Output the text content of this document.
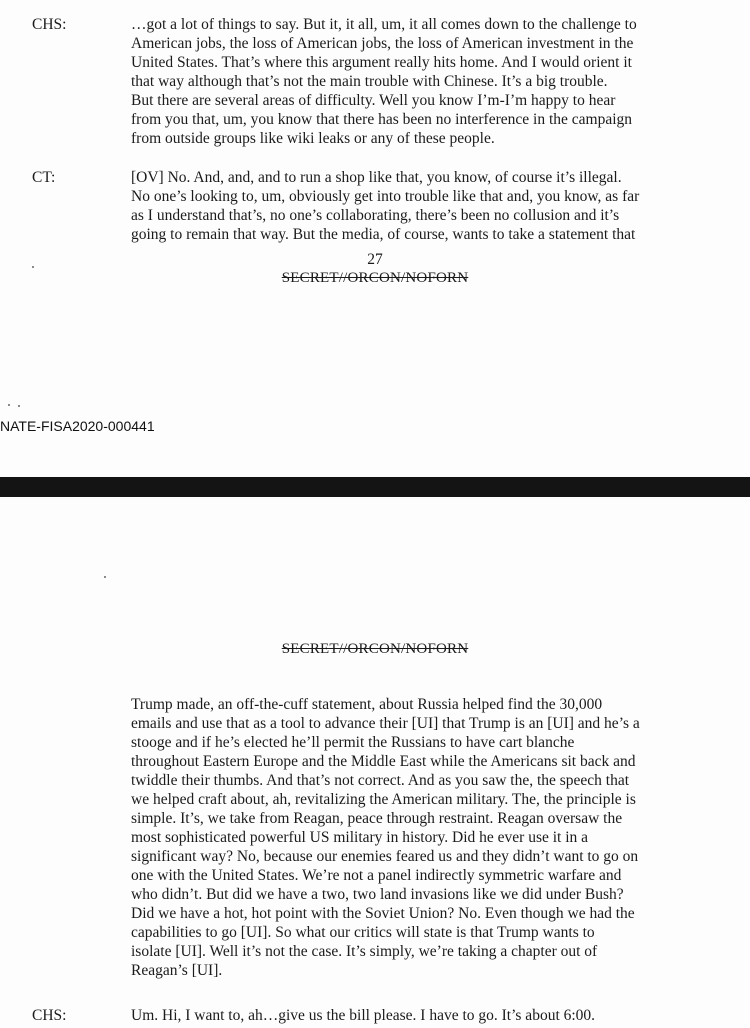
CHS:	…got a lot of things to say. But it, it all, um, it all comes down to the challenge to
American jobs, the loss of American jobs, the loss of American investment in the
United States. That’s where this argument really hits home. And I would orient it
that way although that’s not the main trouble with Chinese. It’s a big trouble.
But there are several areas of difficulty. Well you know I’m-I’m happy to hear
from you that, um, you know that there has been no interference in the campaign
from outside groups like wiki leaks or any of these people.
CT:	[OV] No. And, and, and to run a shop like that, you know, of course it’s illegal.
No one’s looking to, um, obviously get into trouble like that and, you know, as far
as I understand that’s, no one’s collaborating, there’s been no collusion and it’s
going to remain that way. But the media, of course, wants to take a statement that
27
SECRET//ORCON/NOFORN
NATE-FISA2020-000441
SECRET//ORCON/NOFORN
Trump made, an off-the-cuff statement, about Russia helped find the 30,000
emails and use that as a tool to advance their [UI] that Trump is an [UI] and he’s a
stooge and if he’s elected he’ll permit the Russians to have cart blanche
throughout Eastern Europe and the Middle East while the Americans sit back and
twiddle their thumbs. And that’s not correct. And as you saw the, the speech that
we helped craft about, ah, revitalizing the American military. The, the principle is
simple. It’s, we take from Reagan, peace through restraint. Reagan oversaw the
most sophisticated powerful US military in history. Did he ever use it in a
significant way? No, because our enemies feared us and they didn’t want to go on
one with the United States. We’re not a panel indirectly symmetric warfare and
who didn’t. But did we have a two, two land invasions like we did under Bush?
Did we have a hot, hot point with the Soviet Union? No. Even though we had the
capabilities to go [UI]. So what our critics will state is that Trump wants to
isolate [UI]. Well it’s not the case. It’s simply, we’re taking a chapter out of
Reagan’s [UI].
CHS:	Um. Hi, I want to, ah…give us the bill please. I have to go. It’s about 6:00.
